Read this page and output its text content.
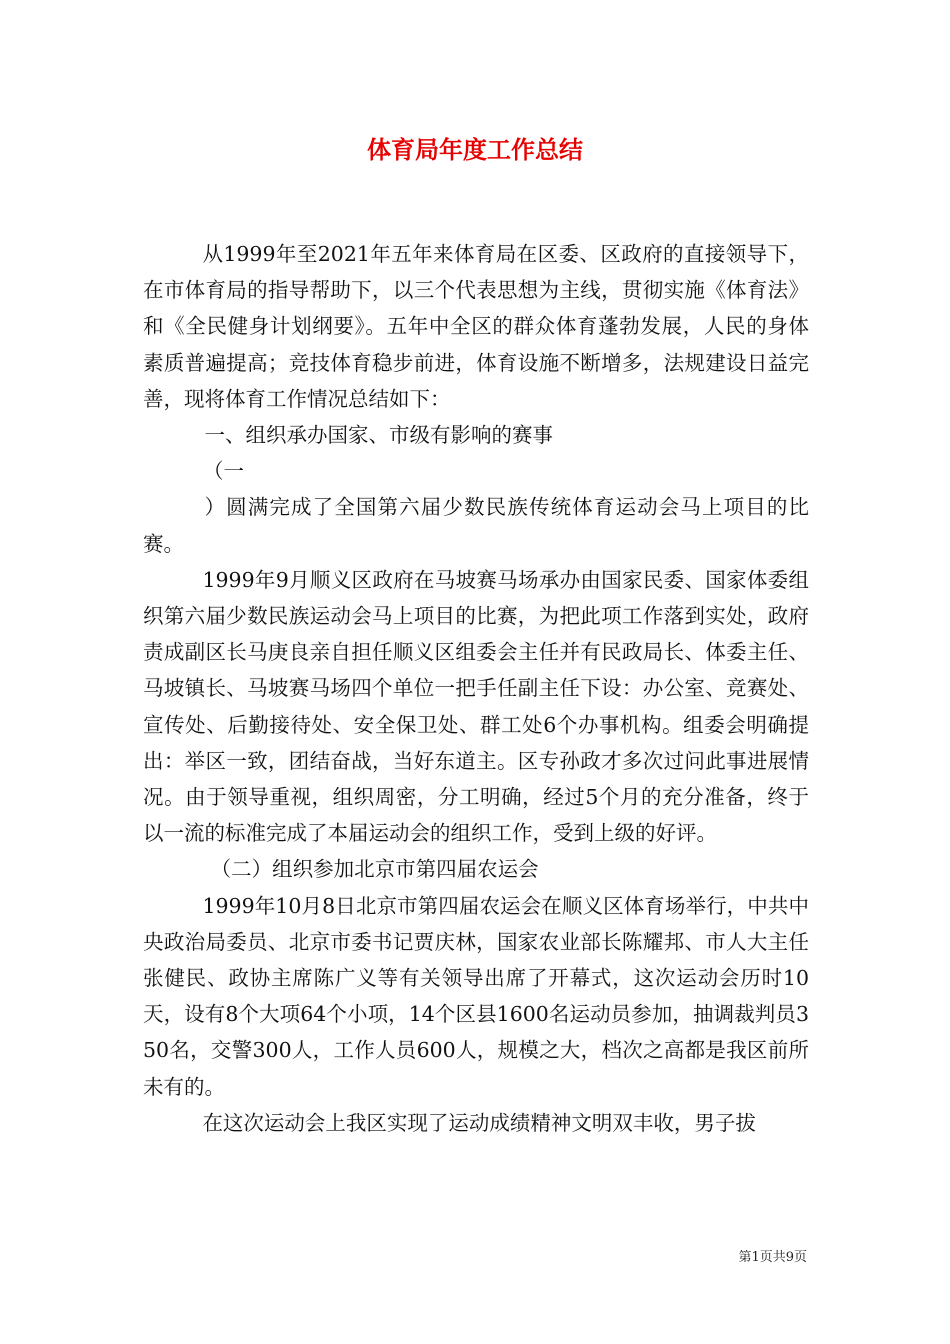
体育局年度工作总结

从1999年至2021年五年来体育局在区委、区政府的直接领导下，在市体育局的指导帮助下，以三个代表思想为主线，贯彻实施《体育法》和《全民健身计划纲要》。五年中全区的群众体育蓬勃发展，人民的身体素质普遍提高；竞技体育稳步前进，体育设施不断增多，法规建设日益完善，现将体育工作情况总结如下：

一、组织承办国家、市级有影响的赛事

（一

）圆满完成了全国第六届少数民族传统体育运动会马上项目的比赛。

1999年9月顺义区政府在马坡赛马场承办由国家民委、国家体委组织第六届少数民族运动会马上项目的比赛，为把此项工作落到实处，政府责成副区长马庚良亲自担任顺义区组委会主任并有民政局长、体委主任、马坡镇长、马坡赛马场四个单位一把手任副主任下设：办公室、竞赛处、宣传处、后勤接待处、安全保卫处、群工处6个办事机构。组委会明确提出：举区一致，团结奋战，当好东道主。区专孙政才多次过问此事进展情况。由于领导重视，组织周密，分工明确，经过5个月的充分准备，终于以一流的标准完成了本届运动会的组织工作，受到上级的好评。

（二）组织参加北京市第四届农运会

1999年10月8日北京市第四届农运会在顺义区体育场举行，中共中央政治局委员、北京市委书记贾庆林，国家农业部长陈耀邦、市人大主任张健民、政协主席陈广义等有关领导出席了开幕式，这次运动会历时10天，设有8个大项64个小项，14个区县1600名运动员参加，抽调裁判员350名，交警300人，工作人员600人，规模之大，档次之高都是我区前所未有的。

在这次运动会上我区实现了运动成绩精神文明双丰收，男子拔

第1页共9页
